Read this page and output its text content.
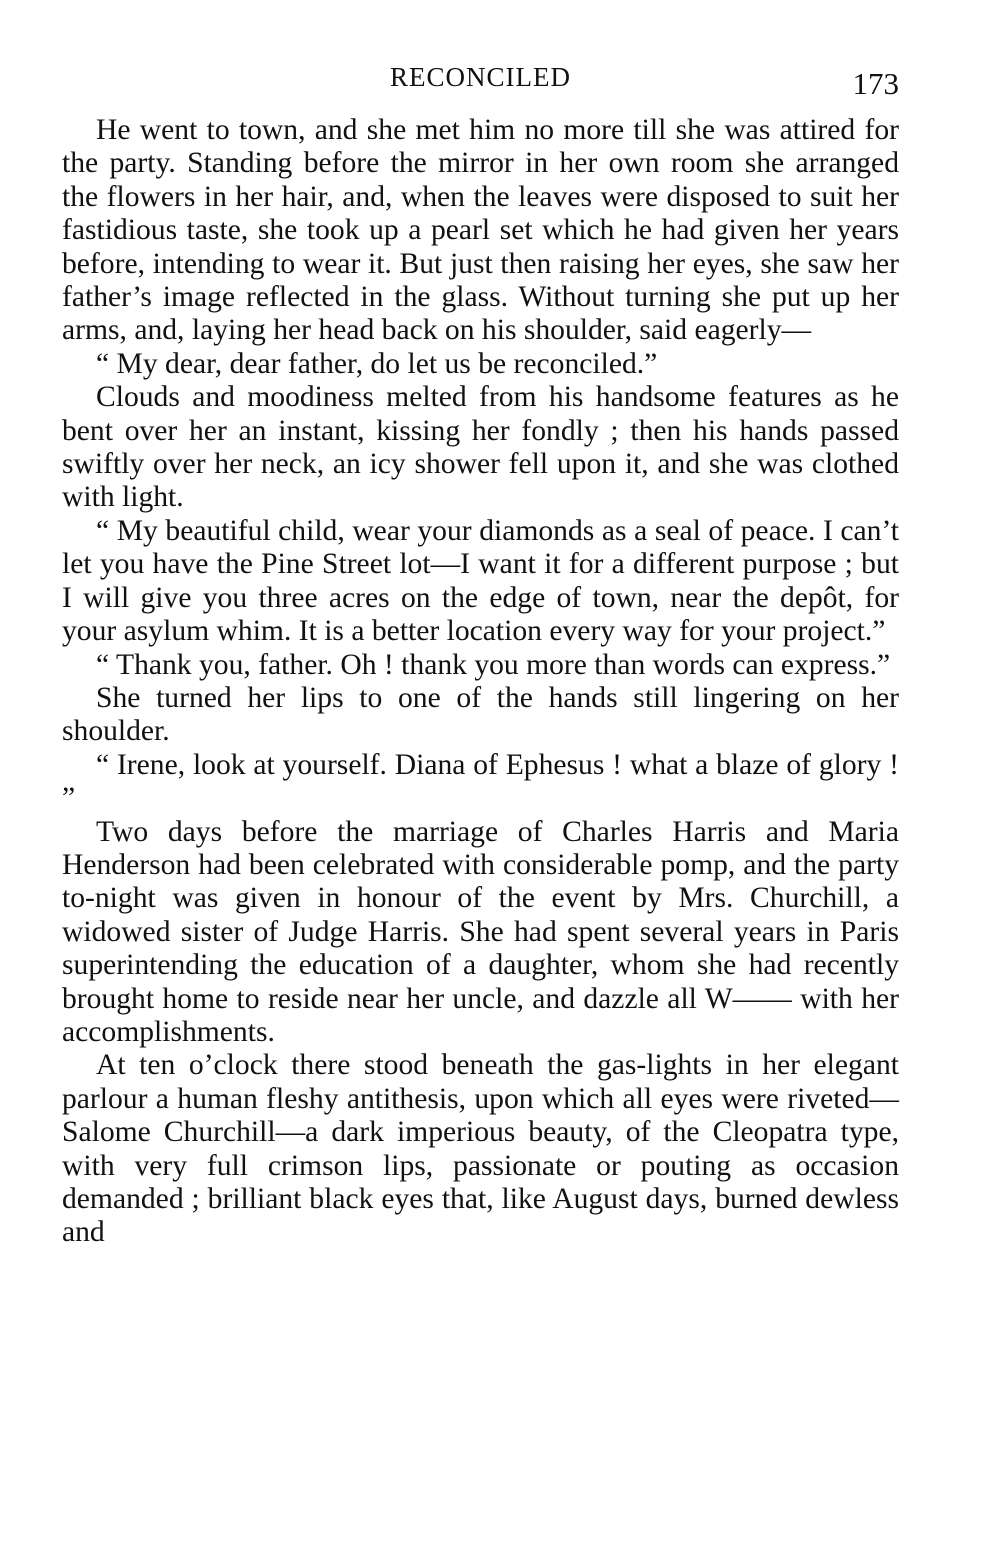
RECONCILED	173

He went to town, and she met him no more till she was attired for the party. Standing before the mirror in her own room she arranged the flowers in her hair, and, when the leaves were disposed to suit her fastidious taste, she took up a pearl set which he had given her years before, intending to wear it. But just then raising her eyes, she saw her father’s image reflected in the glass. Without turning she put up her arms, and, laying her head back on his shoulder, said eagerly—

“ My dear, dear father, do let us be reconciled.”

Clouds and moodiness melted from his handsome features as he bent over her an instant, kissing her fondly ; then his hands passed swiftly over her neck, an icy shower fell upon it, and she was clothed with light.

“ My beautiful child, wear your diamonds as a seal of peace. I can’t let you have the Pine Street lot—I want it for a different purpose ; but I will give you three acres on the edge of town, near the depôt, for your asylum whim. It is a better location every way for your project.”

“ Thank you, father. Oh ! thank you more than words can express.”

She turned her lips to one of the hands still lingering on her shoulder.

“ Irene, look at yourself. Diana of Ephesus ! what a blaze of glory ! ”

Two days before the marriage of Charles Harris and Maria Henderson had been celebrated with considerable pomp, and the party to-night was given in honour of the event by Mrs. Churchill, a widowed sister of Judge Harris. She had spent several years in Paris superintending the education of a daughter, whom she had recently brought home to reside near her uncle, and dazzle all W—— with her accomplishments.

At ten o’clock there stood beneath the gas-lights in her elegant parlour a human fleshy antithesis, upon which all eyes were riveted—Salome Churchill—a dark imperious beauty, of the Cleopatra type, with very full crimson lips, passionate or pouting as occasion demanded ; brilliant black eyes that, like August days, burned dewless and
